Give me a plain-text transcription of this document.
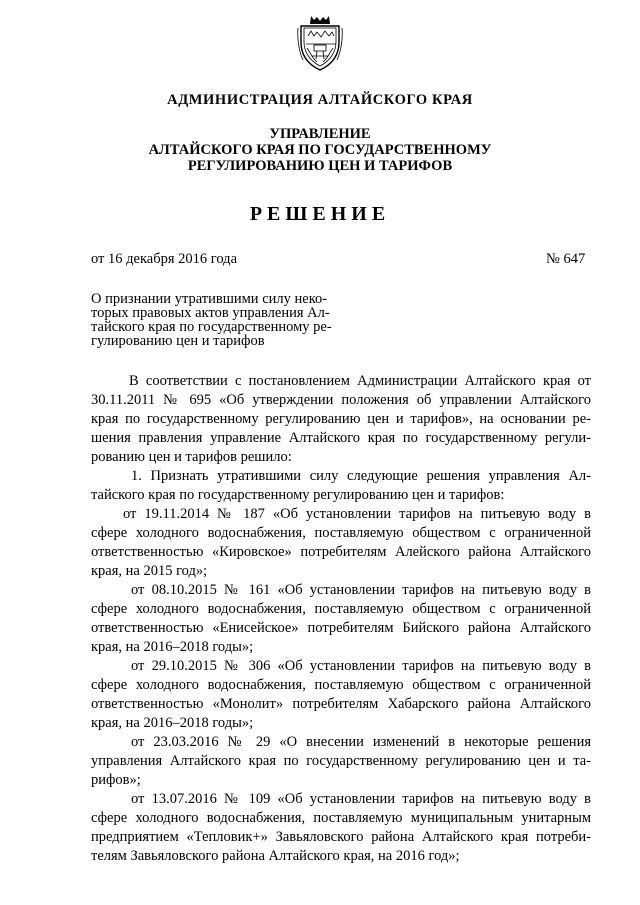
АДМИНИСТРАЦИЯ АЛТАЙСКОГО КРАЯ
УПРАВЛЕНИЕ
АЛТАЙСКОГО КРАЯ ПО ГОСУДАРСТВЕННОМУ
РЕГУЛИРОВАНИЮ ЦЕН И ТАРИФОВ
РЕШЕНИЕ
от 16 декабря 2016 года	№ 647
О признании утратившими силу неко-
торых правовых актов управления Ал-
тайского края по государственному ре-
гулированию цен и тарифов
В соответствии с постановлением Администрации Алтайского края от
30.11.2011 № 695 «Об утверждении положения об управлении Алтайского
края по государственному регулированию цен и тарифов», на основании ре-
шения правления управление Алтайского края по государственному регули-
рованию цен и тарифов решило:
1. Признать утратившими силу следующие решения управления Ал-
тайского края по государственному регулированию цен и тарифов:
от 19.11.2014 № 187 «Об установлении тарифов на питьевую воду в
сфере холодного водоснабжения, поставляемую обществом с ограниченной
ответственностью «Кировское» потребителям Алейского района Алтайского
края, на 2015 год»;
от 08.10.2015 № 161 «Об установлении тарифов на питьевую воду в
сфере холодного водоснабжения, поставляемую обществом с ограниченной
ответственностью «Енисейское» потребителям Бийского района Алтайского
края, на 2016–2018 годы»;
от 29.10.2015 № 306 «Об установлении тарифов на питьевую воду в
сфере холодного водоснабжения, поставляемую обществом с ограниченной
ответственностью «Монолит» потребителям Хабарского района Алтайского
края, на 2016–2018 годы»;
от 23.03.2016 № 29 «О внесении изменений в некоторые решения
управления Алтайского края по государственному регулированию цен и та-
рифов»;
от 13.07.2016 № 109 «Об установлении тарифов на питьевую воду в
сфере холодного водоснабжения, поставляемую муниципальным унитарным
предприятием «Тепловик+» Завьяловского района Алтайского края потреби-
телям Завьяловского района Алтайского края, на 2016 год»;
